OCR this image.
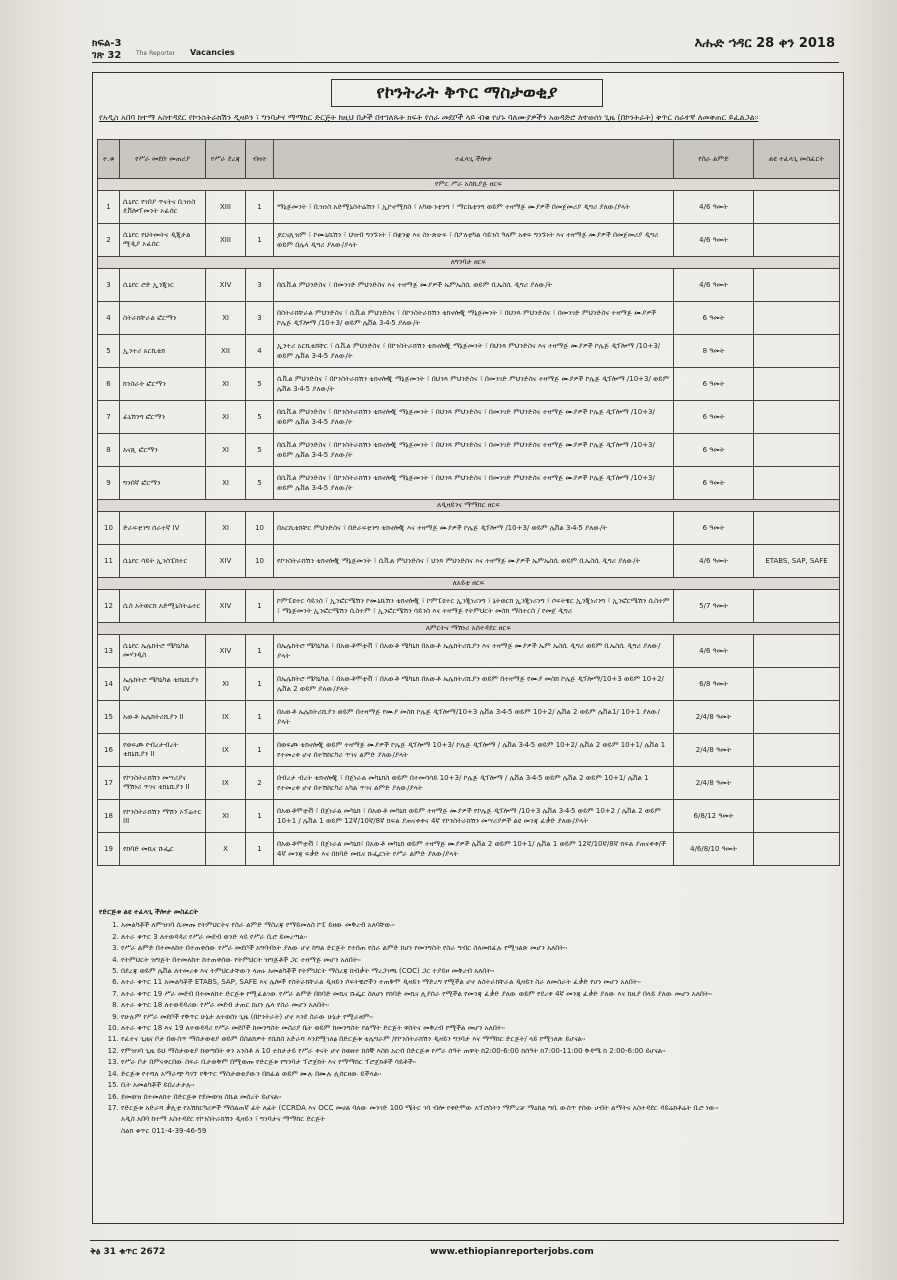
ክፍል-3
ገጽ 32 The Reporter Vacancies
እሑድ ኀዳር 28 ቀን 2018
የኮንትራት ቅጥር ማስታወቂያ
የአዲስ አበባ ከተማ አስተዳደር የኮንስትራክሽን ዲዛይን ፣ ግንባታና ማማከር ድርጅት ከዚህ በታች በተገለጹት ክፍት የስራ መደቦች ላይ ብቁ የሆኑ ባለሙያዎችን አወዳድሮ ለተወሰነ ጊዜ (በኮንትራት) ቅጥር ሰራተኛ ለመቅጠር ይፈልጋል፡፡
ተ.ቁ	የሥራ መደቡ መጠሪያ	የሥራ ደረጃ	ብዛት	ተፈላጊ ችሎታ	የስራ ልምድ	ልዩ ተፈላጊ መስፈርት
የምር ሥራ አስኪያጅ ዘርፍ						
1	ሲኒየር የገበያ ጥናትና ቢዝነስ ዴቨሎፕመንት ኦፊሰር	XIII	1	ማኔጅመንት ፣ ቢዝነስ አድሚኒስትሬሽን ፣ ኢኮኖሚክስ ፣ አካውንቲንግ ፣ ማርኬቲንግ ወይም ተዛማጅ ሙያዎች በመጀመሪያ ዲግሪ ያለው/ያላት	4/6 ዓመት	
2	ሲኒየር የህትመትና ዲጂታል ሚዲያ ኦፊሰር	XIII	1	ጆርናሊዝም ፣ ኮሙኒኬሽን ፣ ህዝብ ግንኙነት ፣ በቋንቋ እና ስነ-ጽሁፍ ፣ በፖለቲካል ሳይንስ ዓለም አቀፍ ግንኙነት እና ተዛማጅ ሙያዎች በመጀመሪያ ዲግሪ ወይም በሌላ ዲግሪ ያለው/ያላት	4/6 ዓመት	
ለግንባታ ዘርፍ						
3	ሲኒየር ሮድ ኢንጂነር	XIV	3	በሲቪል ምህንድስና ፣ በመንገድ ምህንድስና እና ተዛማጅ ሙያዎች ኤምኤስሲ ወይም ቢኤስሲ ዲግሪ ያለው/ት	4/6 ዓመት	
4	ስትራክቸራል ፎርማን	XI	3	በስትራክቸራል ምህንድስና ፣ ሲቪል ምህንድስና ፣ በኮንስትራክሽን ቴክኖሎጂ ማኔጅመንት ፣ በህንጻ ምህንድስና ፣ በመንገድ ምህንድስና ተዛማጅ ሙያዎች ኮሌጅ ዲፕሎማ /10+3/ ወይም ሌቨል 3፡4፡5 ያለው/ት	6 ዓመት	
5	ኢንተሪ አርኪቴክ	XII	4	ኢንተሪ አርኪቴክቸር ፣ ሲቪል ምህንድስና ፣ በኮንስትራክሽን ቴክኖሎጂ ማኔጅመንት ፣ በህንጻ ምህንድስና እና ተዛማጅ ሙያዎች ኮሌጅ ዲፕሎማ /10+3/ ወይም ሌቨል 3፡4፡5 ያለው/ት	8 ዓመት	
6	ክንስራት ፎርማን	XI	5	ሲቪል ምህንድስና ፣ በኮንስትራክሽን ቴክኖሎጂ ማኔጅመንት ፣ በህንጻ ምህንድስና ፣ በመንገድ ምህንድስና ተዛማጅ ሙያዎች ኮሌጅ ዲፕሎማ /10+3/ ወይም ሌቨል 3፡4፡5 ያለው/ት	6 ዓመት	
7	ፊኒሽንግ ፎርማን	XI	5	በሲቪል ምህንድስና ፣ በኮንስትራክሽን ቴክኖሎጂ ማኔጅመንት ፣ በህንጻ ምህንድስና ፣ በመንገድ ምህንድስና ተዛማጅ ሙያዎች ኮሌጅ ዲፕሎማ /10+3/ ወይም ሌቨል 3፡4፡5 ያለው/ት	6 ዓመት	
8	አናጺ ፎርማን	XI	5	በሲቪል ምህንድስና ፣ በኮንስትራክሽን ቴክኖሎጂ ማኔጅመንት ፣ በህንጻ ምህንድስና ፣ በመንገድ ምህንድስና ተዛማጅ ሙያዎች ኮሌጅ ዲፕሎማ /10+3/ ወይም ሌቨል 3፡4፡5 ያለው/ት	6 ዓመት	
9	ግንበኛ ፎርማን	XI	5	በሲቪል ምህንድስና ፣ በኮንስትራክሽን ቴክኖሎጂ ማኔጅመንት ፣ በህንጻ ምህንድስና ፣ በመንገድ ምህንድስና ተዛማጅ ሙያዎች ኮሌጅ ዲፕሎማ /10+3/ ወይም ሌቨል 3፡4፡5 ያለው/ት	6 ዓመት	
ለዲዛይንና ማማከር ዘርፍ						
10	ድራፍቲንግ ሰራተኛ IV	XI	10	በአርኪቴክቸር ምህንድስና ፣ በድራፍቲንግ ቴክኖሎጂ እና ተዛማጅ ሙያዎች ኮሌጅ ዲፕሎማ /10+3/ ወይም ሌቨል 3፡4፡5 ያለው/ት	6 ዓመት	
11	ሲኒየር ሳይት ኢንስፔክተር	XIV	10	የኮንስትራክሽን ቴክኖሎጂ ማኔጅመንት ፣ ሲቪል ምህንድስና ፣ ህንጻ ምህንድስና እና ተዛማጅ ሙያዎች ኤምኤስሲ ወይም ቢኤስሲ ዲግሪ ያለው/ት	4/6 ዓመት	ETABS, SAP, SAFE
ለአይቲ ዘርፍ						
12	ሲስ አትወርክ አድሚኒስትሬተር	XIV	1	ኮምፒዩተር ሳይንስ ፣ ኢንፎርሜሽን ኮሙኒኬሽን ቴክኖሎጂ ፣ ኮምፒዩተር ኢንጂነሪንግ ፣ ኔትወርክ ኢንጂነሪንግ ፣ ሶፍትዌር ኢንጂነሪንግ ፣ ኢንፎርሜሽን ሲስተም ፣ ማኔጅመንት ኢንፎርሜሽን ሲስተም ፣ ኢንፎርሜሽን ሳይንስ እና ተዛማጅ የትምህርት መስክ ማስተርስ / የመጀ ዲግሪ	5/7 ዓመት	
ለምርትና ማሽነሪ አስተዳደር ዘርፍ						
13	ሲኒየር ኤሌክትሮ ሜካኒካል መሃንዲስ	XIV	1	በኤሌክትሮ ሜካኒካል ፣ በአውቶሞቲቭ ፣ በአውቶ ሜካኒክ በአውቶ ኤሌክትሪሺያን እና ተዛማጅ ሙያዎች ኤም ኤስሲ ዲግሪ ወይም ቢኤስሲ ዲግሪ ያለው/ያላት	4/6 ዓመት	
14	ኤሌክትሮ ሜካኒካል ቴክኒሺያን IV	XI	1	በኤሌክትሮ ሜካኒካል ፣ በአውቶሞቲቭ ፣ በአውቶ ሜካኒክ በአውቶ ኤሌክትሪሺያን ወይም በተዛማጅ የሙያ መስክ ኮሌጅ ዲፕሎማ/10+3 ወይም 10+2/ ሌቨል 2 ወይም ያለው/ያላት	6/8 ዓመት	
15	አውቶ ኤሌክትሪሺያን II	IX	1	በአውቶ ኤሌክትሪሺያን ወይም በተዛማጅ የሙያ መስክ ኮሌጅ ዲፕሎማ/10+3 ሌቨል 3፡4፡5 ወይም 10+2/ ሌቨል 2 ወይም ሌቨል1/ 10+1 ያለው/ያላት	2/4/8 ዓመት	
16	የወፍጮ የብረታብረት ቴክኒሺያን II	IX	1	በወፍጮ ቴክኖሎጂ ወይም ተዛማጅ ሙያዎች ኮሌጅ ዲፕሎማ 10+3/ ኮሌጅ ዲፕሎማ / ሌቨል 3፡4፡5 ወይም 10+2/ ሌቨል 2 ወይም 10+1/ ሌቨል 1 የተመረቀ ሆኖ በተሽከርካሪ ጥገና ልምድ ያለው/ያላት	2/4/8 ዓመት	
17	የኮንስትራክሽን መሣሪያና ማሽነሪ ጥገና ቴክኒሺያን II	IX	2	በብረታ ብረት ቴክኖሎጂ ፣ በጀነራል መካኒክስ ወይም በተመሳሳይ 10+3/ ኮሌጅ ዲፕሎማ / ሌቨል 3፡4፡5 ወይም ሌቨል 2 ወይም 10+1/ ሌቨል 1 የተመረቀ ሆኖ በተሽከርካሪ አካል ጥገና ልምድ ያለው/ያላት	2/4/8 ዓመት	
18	የኮንስትራክሽን ማሽን ኦፕሬተር III	XI	1	በአውቶሞቲቭ ፣ በጀነራል መካኒክ ፣ በአውቶ መካኒክ ወይም ተዛማጅ ሙያዎች የኮሌጅ ዲፕሎማ /10+3 ሌቨል 3፡4፡5 ወይም 10+2 / ሌቨል 2 ወይም 10+1 / ሌቨል 1 ወይም 12ኛ/10ኛ/8ኛ ክፍል ያጠናቀቀና 4ኛ የኮንስትራክሽን መሣሪያዎች ልዩ መንጃ ፈቃድ ያለው/ያላት	6/8/12 ዓመት	
19	የከባድ መኪና ሹፌር	X	1	በአውቶሞቲቭ ፣ በጀነራል መካኒክ፣ በአውቶ መካኒክ ወይም ተዛማጅ ሙያዎች ሌቨል 2 ወይም 10+1/ ሌቨል 1 ወይም 12ኛ/10ኛ/8ኛ ክፍል ያጠናቀቀ/ች 4ኛ መንጃ ፍቃድ እና በከባድ መኪና ሹፌርነት የሥራ ልምድ ያለው/ያላት	4/6/8/10 ዓመት	
የድርጅቱ ልዩ ተፈላጊ ችሎታ መስፈርት
1. አመልካቾች ለምዝገባ ሲመጡ የትምህርትና የስራ ልምድ ማስረጃ የማይመለስ ኮፒ ይዘው መቅረብ አለባቸው፡፡
2. ለተራ ቁጥር 3 ለተወዳዳሪ የሥራ መደብ ወንድ ላይ የሥራ ቢሮ ይመረጣል፡፡
3. የሥራ ልምድ በተመለከተ በተጠቀሰው የሥራ መደቦች አግባብነት ያለው ሆኖ ከግል ድርጅት የተሰጠ የስራ ልምድ ከሆነ የመንግስት የስራ ግብር ስለመክፈሉ የሚገልጽ መሆን አለበት፡፡
4. የትምህርት ዝግጅት በተመለከተ ከተጠቀሰው የትምህርት ዝግጅቶች ጋር ተዛማጅ መሆን አለበት፡፡
5. በደረጃ ወይም ሌቨል ለተመረቁ እና ትምህርታቸውን ላጠኑ አመልካቾች የትምህርት ማስረጃ ከብቃት ማረጋገጫ (COC) ጋር ተያይዞ መቅረብ አለበት፡፡
6. ለተራ ቁጥር 11 አመልካቾች ETABS, SAP, SAFE እና ሌሎች የስትራክቸራል ዲዛይን ሶፍትዌሮችን ተጠቅሞ ዲዛይን ማድረግ የሚችል ሆኖ ለስትራክቸራል ዲዛይን ስራ ለመስራት ፈቃድ የሆነ መሆን አለበት፡፡
7. ለተራ ቁጥር 19 ሥራ መደብ በተመለከተ ድርጅቱ የሚፈልገው የሥራ ልምድ በከባድ መኪና ሹፌር ስለሆነ የከባድ መኪና ሊያሰራ የሚችል የመንጃ ፈቃድ ያለው ወይም የደረቀ 4ኛ መንጃ ፈቃድ ያለው እና ከዚያ በላይ ያለው መሆን አለበት፡፡
8. ለተራ ቁጥር 18 ለተወዳዳሪው የሥራ መደብ ታጠር ከሆነ ሌላ የስራ መሆን አለበት፡፡
9. የሁሉም የሥራ መደቦች የቅጥር ሁኔታ ለተወሰነ ጊዜ (በኮንትራት) ሆኖ እንደ ስራው ሁኔታ የሚራዘም፡፡
10. ለተራ ቁጥር 18 እና 19 ለተወዳዳሪ የሥራ መደቦች ከመንግስት መስሪያ ቤት ወይም ከመንግስት የልማት ድርጅት ዋስትና መቅረብ የሚችል መሆን አለበት፡፡
11. የፈተና ጊዜና ቦታ በውስጥ ማስታወቂያ ወይም በስልክዎት የሴክስ አድራሻ እንደሚገለፅ በድርጅቱ ቴሌግራም /የኮንስትራክሽን ዲዛይን ግንባታ እና ማማከር ድርጅት/ ላይ የሚገለጽ ይሆናል፡፡
12. የምዝገባ ጊዜ ይህ ማስታወቂያ ከወጣበት ቀን አንስቶ ለ 10 ተከታታይ የሥራ ቀናት ሆኖ ከወዘተ ከሰኞ እስከ አርብ በድርጅቱ የሥራ ሰዓት ጠዋት ከ2:00-6:00 ከሰዓት ከ7:00-11:00 ቅዳሜ ከ 2:00-6:00 ይሆናል፡፡
13. የሥራ ቦታ በምናቀርበው ስፍራ ቢታወቅም በሚወጡ የድርጅቱ የግንባታ ፕሮጀክት እና የማማከር ፕሮጀክቶች ሳይቶች፡፡
14. ድርጅቱ የተሻለ አማራጭ ካገኘ የቅጥር ማስታወቂያውን በከፊል ወይም ሙሉ በሙሉ ሊሰርዘው ይችላል፡፡
15. ቢት አመልካቾች ይበረታታሉ፡፡
16. ደመወዝ በተመለከተ በድርጅቱ የደመወዝ ስኬል መሰረት ይሆናል፡፡
17. የድርጅቱ አድራሻ ቃሊቲ የአሽከርካሪዎች ማሰልጠኛ ፊት ለፊት (CCRDA እና OCC መሀል ባለው መንገድ 100 ሜትር ገባ ብሎ የቀድሞው አፕሮስትን ማምረቻ ማዕከል ግቢ ውስጥ የሰው ሀብት ልማትና አስተዳደር ዳይሬክቶሬት ቢሮ ነው፡፡
አዲስ አበባ ከተማ አስተዳደር የኮንስትራክሽን ዲዛይን ፣ ግንባታና ማማከር ድርጅት
ስልክ ቁጥር 011-4-39-46-59
ቅፅ 31 ቁጥር 2672	www.ethiopianreporterjobs.com
